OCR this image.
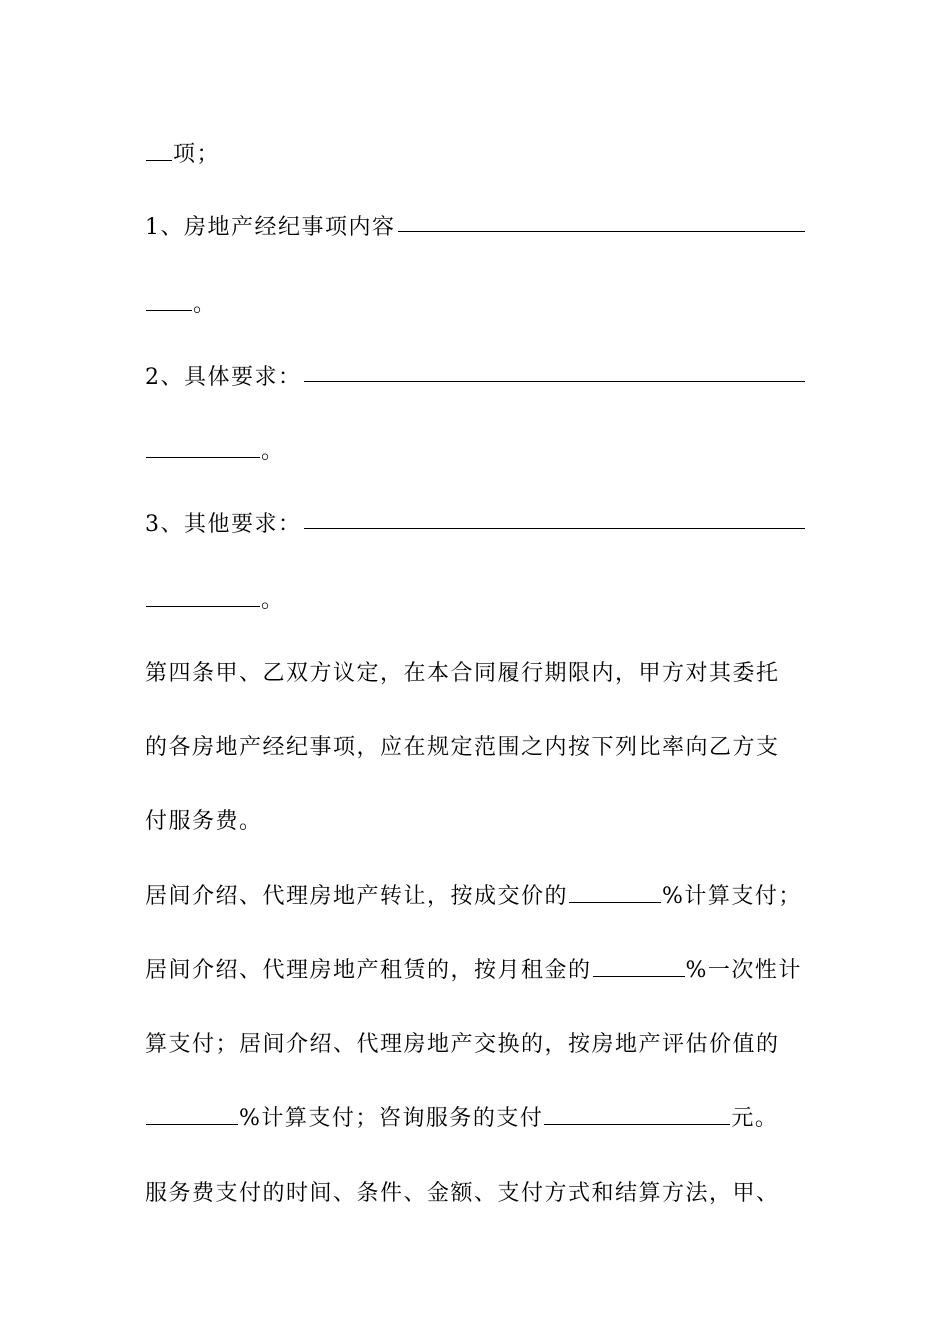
项；
1、房地产经纪事项内容
。
2、具体要求：
。
3、其他要求：
。
第四条甲、乙双方议定，在本合同履行期限内，甲方对其委托
的各房地产经纪事项，应在规定范围之内按下列比率向乙方支
付服务费。
居间介绍、代理房地产转让，按成交价的	%计算支付；
居间介绍、代理房地产租赁的，按月租金的	%一次性计
算支付；居间介绍、代理房地产交换的，按房地产评估价值的
%计算支付；咨询服务的支付	元。
服务费支付的时间、条件、金额、支付方式和结算方法，甲、
